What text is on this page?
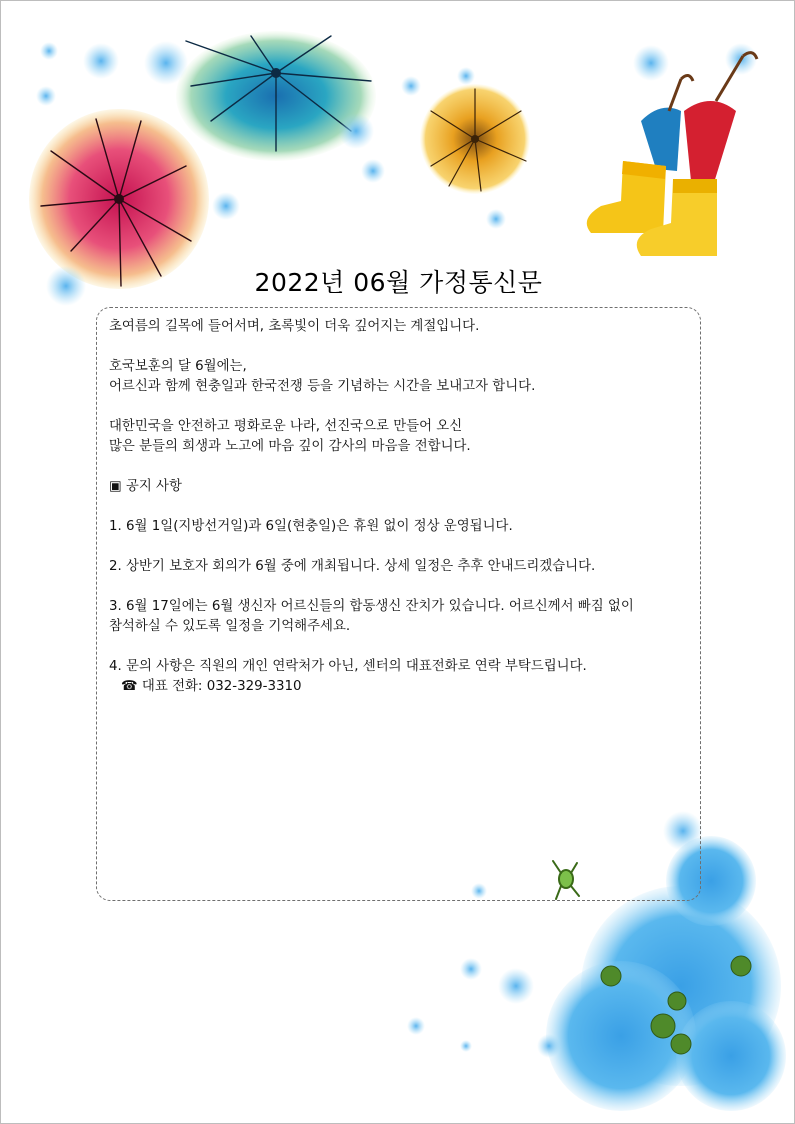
2022년 06월 가정통신문

초여름의 길목에 들어서며, 초록빛이 더욱 깊어지는 계절입니다.

호국보훈의 달 6월에는,

어르신과 함께 현충일과 한국전쟁 등을 기념하는 시간을 보내고자 합니다.

대한민국을 안전하고 평화로운 나라, 선진국으로 만들어 오신

많은 분들의 희생과 노고에 마음 깊이 감사의 마음을 전합니다.

▣ 공지 사항

1. 6월 1일(지방선거일)과 6일(현충일)은 휴원 없이 정상 운영됩니다.

2. 상반기 보호자 회의가 6월 중에 개최됩니다. 상세 일정은 추후 안내드리겠습니다.

3. 6월 17일에는 6월 생신자 어르신들의 합동생신 잔치가 있습니다. 어르신께서 빠짐 없이

참석하실 수 있도록 일정을 기억해주세요.

4. 문의 사항은 직원의 개인 연락처가 아닌, 센터의 대표전화로 연락 부탁드립니다.

☎ 대표 전화: 032-329-3310
